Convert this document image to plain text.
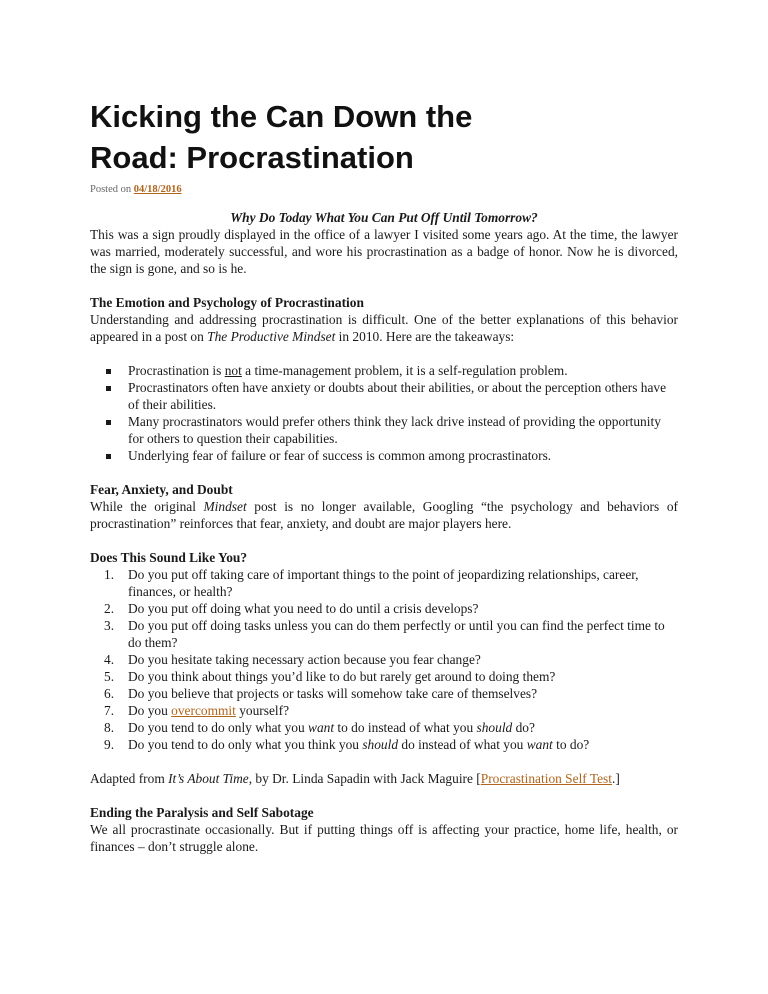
Kicking the Can Down the Road: Procrastination
Posted on 04/18/2016
Why Do Today What You Can Put Off Until Tomorrow?

This was a sign proudly displayed in the office of a lawyer I visited some years ago. At the time, the lawyer was married, moderately successful, and wore his procrastination as a badge of honor. Now he is divorced, the sign is gone, and so is he.

The Emotion and Psychology of Procrastination

Understanding and addressing procrastination is difficult. One of the better explanations of this behavior appeared in a post on The Productive Mindset in 2010. Here are the takeaways:

Procrastination is not a time-management problem, it is a self-regulation problem.
Procrastinators often have anxiety or doubts about their abilities, or about the perception others have of their abilities.
Many procrastinators would prefer others think they lack drive instead of providing the opportunity for others to question their capabilities.
Underlying fear of failure or fear of success is common among procrastinators.
Fear, Anxiety, and Doubt

While the original Mindset post is no longer available, Googling “the psychology and behaviors of procrastination” reinforces that fear, anxiety, and doubt are major players here.

Does This Sound Like You?
1. Do you put off taking care of important things to the point of jeopardizing relationships, career, finances, or health?
2. Do you put off doing what you need to do until a crisis develops?
3. Do you put off doing tasks unless you can do them perfectly or until you can find the perfect time to do them?
4. Do you hesitate taking necessary action because you fear change?
5. Do you think about things you’d like to do but rarely get around to doing them?
6. Do you believe that projects or tasks will somehow take care of themselves?
7. Do you overcommit yourself?
8. Do you tend to do only what you want to do instead of what you should do?
9. Do you tend to do only what you think you should do instead of what you want to do?

Adapted from It’s About Time, by Dr. Linda Sapadin with Jack Maguire [Procrastination Self Test.]

Ending the Paralysis and Self Sabotage

We all procrastinate occasionally. But if putting things off is affecting your practice, home life, health, or finances – don’t struggle alone.
